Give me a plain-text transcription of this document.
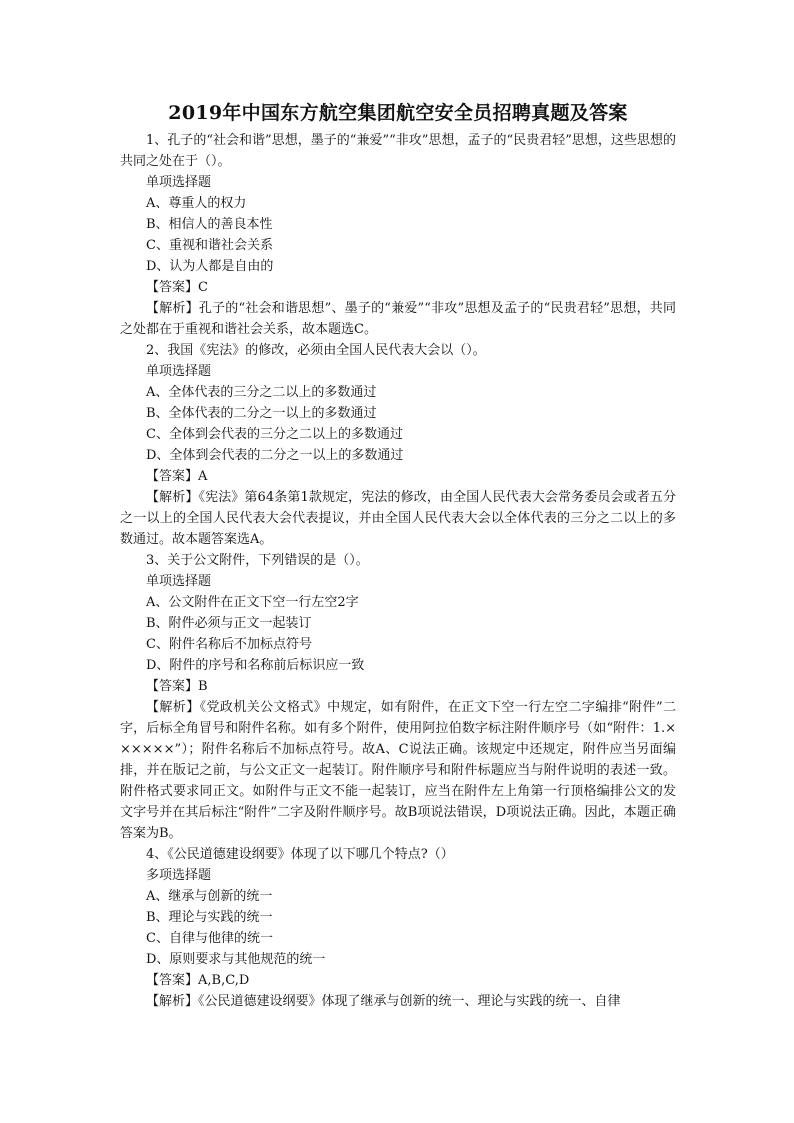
2019年中国东方航空集团航空安全员招聘真题及答案
1、孔子的“社会和谐”思想，墨子的“兼爱”“非攻”思想，孟子的“民贵君轻”思想，这些思想的共同之处在于（）。
单项选择题
A、尊重人的权力
B、相信人的善良本性
C、重视和谐社会关系
D、认为人都是自由的
【答案】C
【解析】孔子的“社会和谐思想”、墨子的“兼爱”“非攻”思想及孟子的“民贵君轻”思想，共同之处都在于重视和谐社会关系，故本题选C。
2、我国《宪法》的修改，必须由全国人民代表大会以（）。
单项选择题
A、全体代表的三分之二以上的多数通过
B、全体代表的二分之一以上的多数通过
C、全体到会代表的三分之二以上的多数通过
D、全体到会代表的二分之一以上的多数通过
【答案】A
【解析】《宪法》第64条第1款规定，宪法的修改，由全国人民代表大会常务委员会或者五分之一以上的全国人民代表大会代表提议，并由全国人民代表大会以全体代表的三分之二以上的多数通过。故本题答案选A。
3、关于公文附件，下列错误的是（）。
单项选择题
A、公文附件在正文下空一行左空2字
B、附件必须与正文一起装订
C、附件名称后不加标点符号
D、附件的序号和名称前后标识应一致
【答案】B
【解析】《党政机关公文格式》中规定，如有附件，在正文下空一行左空二字编排“附件”二字，后标全角冒号和附件名称。如有多个附件，使用阿拉伯数字标注附件顺序号（如“附件：1.××××××”）；附件名称后不加标点符号。故A、C说法正确。该规定中还规定，附件应当另面编排，并在版记之前，与公文正文一起装订。附件顺序号和附件标题应当与附件说明的表述一致。附件格式要求同正文。如附件与正文不能一起装订，应当在附件左上角第一行顶格编排公文的发文字号并在其后标注“附件”二字及附件顺序号。故B项说法错误，D项说法正确。因此，本题正确答案为B。
4、《公民道德建设纲要》体现了以下哪几个特点?（）
多项选择题
A、继承与创新的统一
B、理论与实践的统一
C、自律与他律的统一
D、原则要求与其他规范的统一
【答案】A,B,C,D
【解析】《公民道德建设纲要》体现了继承与创新的统一、理论与实践的统一、自律
